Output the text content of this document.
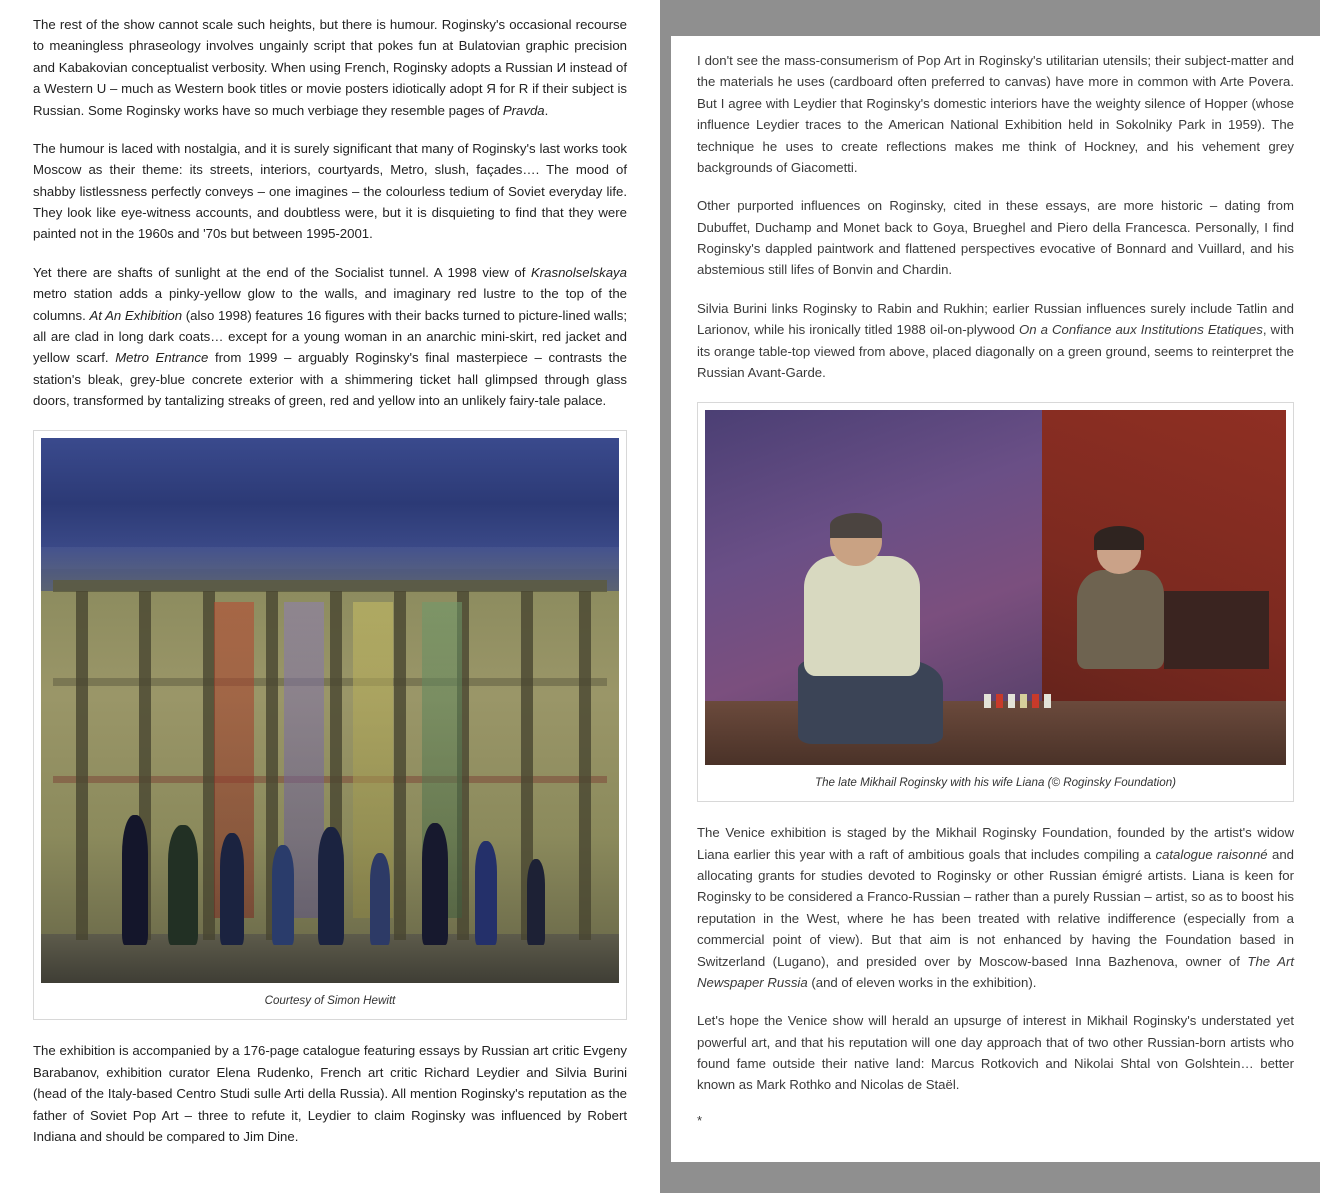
The rest of the show cannot scale such heights, but there is humour. Roginsky's occasional recourse to meaningless phraseology involves ungainly script that pokes fun at Bulatovian graphic precision and Kabakovian conceptualist verbosity. When using French, Roginsky adopts a Russian И instead of a Western U – much as Western book titles or movie posters idiotically adopt Я for R if their subject is Russian. Some Roginsky works have so much verbiage they resemble pages of Pravda.

The humour is laced with nostalgia, and it is surely significant that many of Roginsky's last works took Moscow as their theme: its streets, interiors, courtyards, Metro, slush, façades…. The mood of shabby listlessness perfectly conveys – one imagines – the colourless tedium of Soviet everyday life. They look like eye-witness accounts, and doubtless were, but it is disquieting to find that they were painted not in the 1960s and '70s but between 1995-2001.

Yet there are shafts of sunlight at the end of the Socialist tunnel. A 1998 view of Krasnolselskaya metro station adds a pinky-yellow glow to the walls, and imaginary red lustre to the top of the columns. At An Exhibition (also 1998) features 16 figures with their backs turned to picture-lined walls; all are clad in long dark coats… except for a young woman in an anarchic mini-skirt, red jacket and yellow scarf. Metro Entrance from 1999 – arguably Roginsky's final masterpiece – contrasts the station's bleak, grey-blue concrete exterior with a shimmering ticket hall glimpsed through glass doors, transformed by tantalizing streaks of green, red and yellow into an unlikely fairy-tale palace.

Courtesy of Simon Hewitt

The exhibition is accompanied by a 176-page catalogue featuring essays by Russian art critic Evgeny Barabanov, exhibition curator Elena Rudenko, French art critic Richard Leydier and Silvia Burini (head of the Italy-based Centro Studi sulle Arti della Russia). All mention Roginsky's reputation as the father of Soviet Pop Art – three to refute it, Leydier to claim Roginsky was influenced by Robert Indiana and should be compared to Jim Dine.

I don't see the mass-consumerism of Pop Art in Roginsky's utilitarian utensils; their subject-matter and the materials he uses (cardboard often preferred to canvas) have more in common with Arte Povera. But I agree with Leydier that Roginsky's domestic interiors have the weighty silence of Hopper (whose influence Leydier traces to the American National Exhibition held in Sokolniky Park in 1959). The technique he uses to create reflections makes me think of Hockney, and his vehement grey backgrounds of Giacometti.

Other purported influences on Roginsky, cited in these essays, are more historic – dating from Dubuffet, Duchamp and Monet back to Goya, Brueghel and Piero della Francesca. Personally, I find Roginsky's dappled paintwork and flattened perspectives evocative of Bonnard and Vuillard, and his abstemious still lifes of Bonvin and Chardin.

Silvia Burini links Roginsky to Rabin and Rukhin; earlier Russian influences surely include Tatlin and Larionov, while his ironically titled 1988 oil-on-plywood On a Confiance aux Institutions Etatiques, with its orange table-top viewed from above, placed diagonally on a green ground, seems to reinterpret the Russian Avant-Garde.

The late Mikhail Roginsky with his wife Liana (© Roginsky Foundation)

The Venice exhibition is staged by the Mikhail Roginsky Foundation, founded by the artist's widow Liana earlier this year with a raft of ambitious goals that includes compiling a catalogue raisonné and allocating grants for studies devoted to Roginsky or other Russian émigré artists. Liana is keen for Roginsky to be considered a Franco-Russian – rather than a purely Russian – artist, so as to boost his reputation in the West, where he has been treated with relative indifference (especially from a commercial point of view). But that aim is not enhanced by having the Foundation based in Switzerland (Lugano), and presided over by Moscow-based Inna Bazhenova, owner of The Art Newspaper Russia (and of eleven works in the exhibition).

Let's hope the Venice show will herald an upsurge of interest in Mikhail Roginsky's understated yet powerful art, and that his reputation will one day approach that of two other Russian-born artists who found fame outside their native land: Marcus Rotkovich and Nikolai Shtal von Golshtein… better known as Mark Rothko and Nicolas de Staël.

*
